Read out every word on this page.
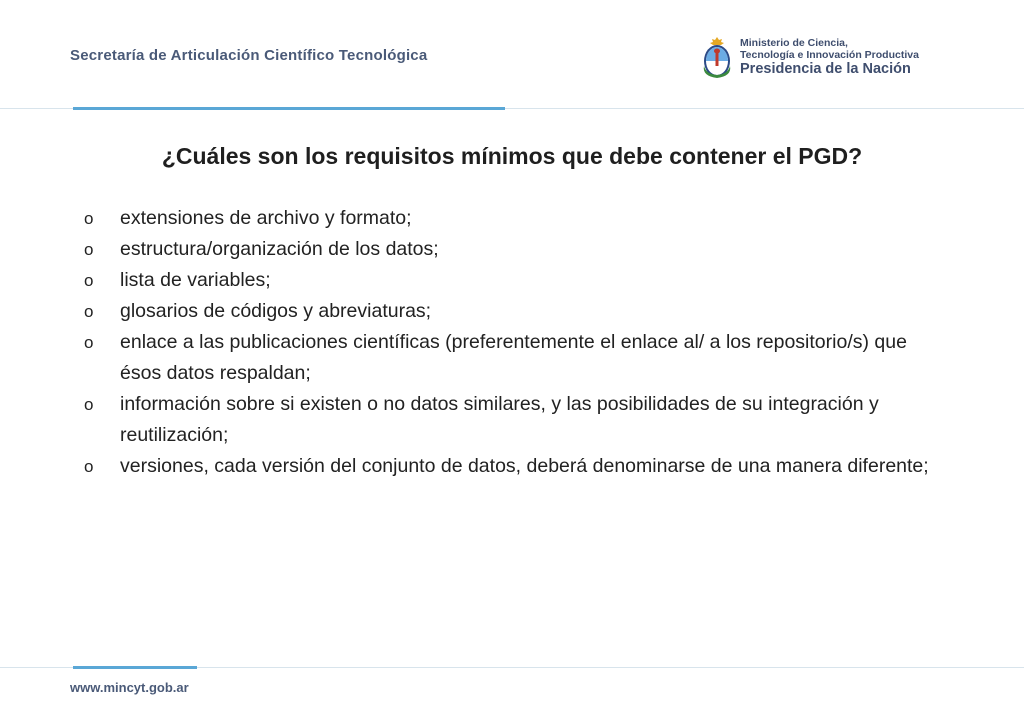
Secretaría de Articulación Científico Tecnológica
Ministerio de Ciencia,
Tecnología e Innovación Productiva
Presidencia de la Nación
¿Cuáles son los requisitos mínimos que debe contener el PGD?
o extensiones de archivo y formato;
o estructura/organización de los datos;
o lista de variables;
o glosarios de códigos y abreviaturas;
o enlace a las publicaciones científicas (preferentemente el enlace al/ a los repositorio/s) que ésos datos respaldan;
o información sobre si existen o no datos similares, y las posibilidades de su integración y reutilización;
o versiones, cada versión del conjunto de datos, deberá denominarse de una manera diferente;
www.mincyt.gob.ar
